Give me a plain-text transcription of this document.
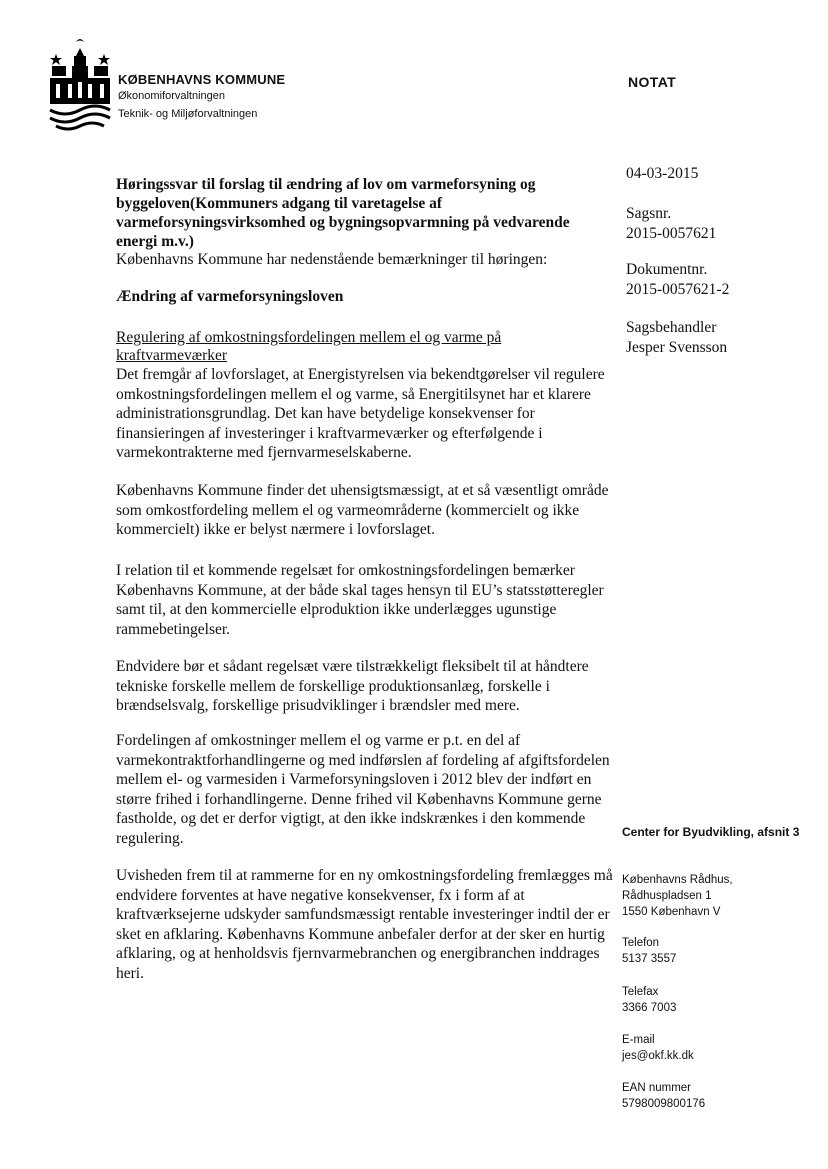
KØBENHAVNS KOMMUNE
Økonomiforvaltningen
Teknik- og Miljøforvaltningen
NOTAT
Høringssvar til forslag til ændring af lov om varmeforsyning og byggeloven(Kommuners adgang til varetagelse af varmeforsyningsvirksomhed og bygningsopvarmning på vedvarende energi m.v.)
Københavns Kommune har nedenstående bemærkninger til høringen:
Ændring af varmeforsyningsloven
Regulering af omkostningsfordelingen mellem el og varme på kraftvarmeværker
Det fremgår af lovforslaget, at Energistyrelsen via bekendtgørelser vil regulere omkostningsfordelingen mellem el og varme, så Energitilsynet har et klarere administrationsgrundlag. Det kan have betydelige konsekvenser for finansieringen af investeringer i kraftvarmeværker og efterfølgende i varmekontrakterne med fjernvarmeselskaberne.
Københavns Kommune finder det uhensigtsmæssigt, at et så væsentligt område som omkostfordeling mellem el og varmeområderne (kommercielt og ikke kommercielt) ikke er belyst nærmere i lovforslaget.
I relation til et kommende regelsæt for omkostningsfordelingen bemærker Københavns Kommune, at der både skal tages hensyn til EU’s statsstøtteregler samt til, at den kommercielle elproduktion ikke underlægges ugunstige rammebetingelser.
Endvidere bør et sådant regelsæt være tilstrækkeligt fleksibelt til at håndtere tekniske forskelle mellem de forskellige produktionsanlæg, forskelle i brændselsvalg, forskellige prisudviklinger i brændsler med mere.
Fordelingen af omkostninger mellem el og varme er p.t. en del af varmekontraktforhandlingerne og med indførslen af fordeling af afgiftsfordelen mellem el- og varmesiden i Varmeforsyningsloven i 2012 blev der indført en større frihed i forhandlingerne. Denne frihed vil Københavns Kommune gerne fastholde, og det er derfor vigtigt, at den ikke indskrænkes i den kommende regulering.
Uvisheden frem til at rammerne for en ny omkostningsfordeling fremlægges må endvidere forventes at have negative konsekvenser, fx i form af at kraftværksejerne udskyder samfundsmæssigt rentable investeringer indtil der er sket en afklaring. Københavns Kommune anbefaler derfor at der sker en hurtig afklaring, og at henholdsvis fjernvarmebranchen og energibranchen inddrages heri.
04-03-2015
Sagsnr.
2015-0057621
Dokumentnr.
2015-0057621-2
Sagsbehandler
Jesper Svensson
Center for Byudvikling, afsnit 3
Københavns Rådhus,
Rådhuspladsen 1
1550 København V
Telefon
5137 3557
Telefax
3366 7003
E-mail
jes@okf.kk.dk
EAN nummer
5798009800176
